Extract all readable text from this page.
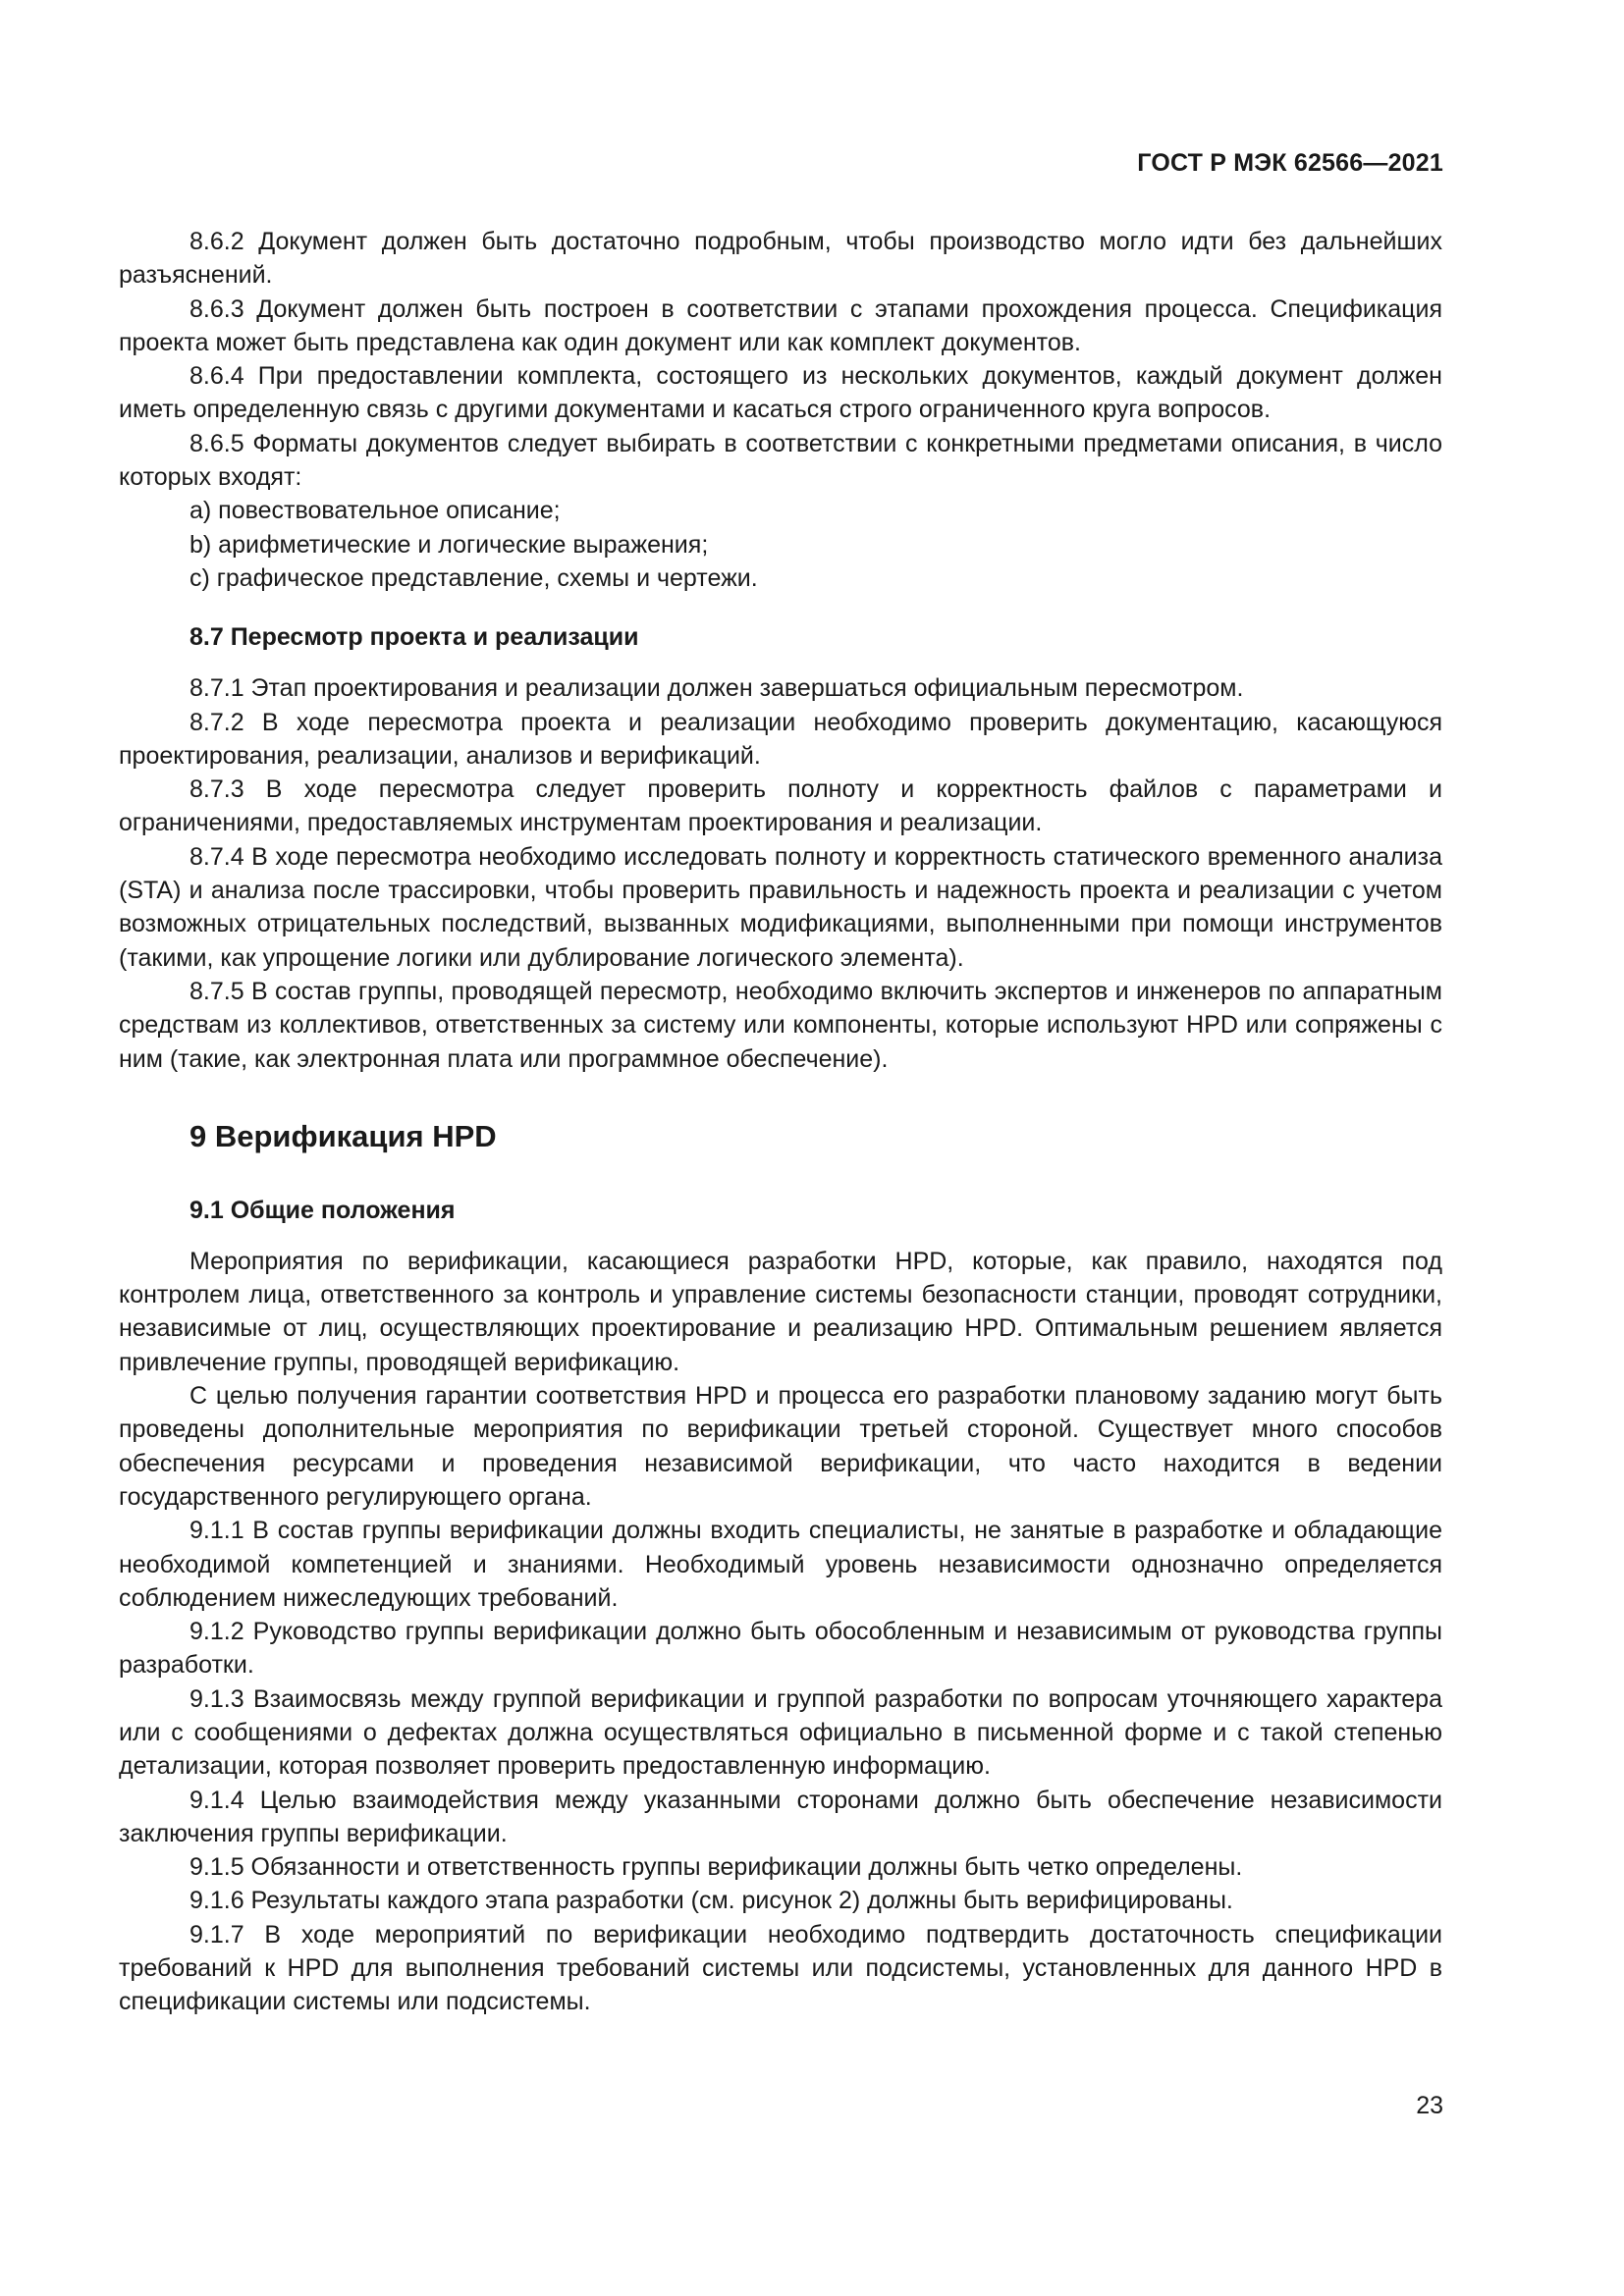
ГОСТ Р МЭК 62566—2021

8.6.2 Документ должен быть достаточно подробным, чтобы производство могло идти без дальнейших разъяснений.

8.6.3 Документ должен быть построен в соответствии с этапами прохождения процесса. Спецификация проекта может быть представлена как один документ или как комплект документов.

8.6.4 При предоставлении комплекта, состоящего из нескольких документов, каждый документ должен иметь определенную связь с другими документами и касаться строго ограниченного круга вопросов.

8.6.5 Форматы документов следует выбирать в соответствии с конкретными предметами описания, в число которых входят:

a) повествовательное описание;

b) арифметические и логические выражения;

c) графическое представление, схемы и чертежи.

8.7 Пересмотр проекта и реализации

8.7.1 Этап проектирования и реализации должен завершаться официальным пересмотром.

8.7.2 В ходе пересмотра проекта и реализации необходимо проверить документацию, касающуюся проектирования, реализации, анализов и верификаций.

8.7.3 В ходе пересмотра следует проверить полноту и корректность файлов с параметрами и ограничениями, предоставляемых инструментам проектирования и реализации.

8.7.4 В ходе пересмотра необходимо исследовать полноту и корректность статического временного анализа (STA) и анализа после трассировки, чтобы проверить правильность и надежность проекта и реализации с учетом возможных отрицательных последствий, вызванных модификациями, выполненными при помощи инструментов (такими, как упрощение логики или дублирование логического элемента).

8.7.5 В состав группы, проводящей пересмотр, необходимо включить экспертов и инженеров по аппаратным средствам из коллективов, ответственных за систему или компоненты, которые используют HPD или сопряжены с ним (такие, как электронная плата или программное обеспечение).

9 Верификация HPD
9.1 Общие положения

Мероприятия по верификации, касающиеся разработки HPD, которые, как правило, находятся под контролем лица, ответственного за контроль и управление системы безопасности станции, проводят сотрудники, независимые от лиц, осуществляющих проектирование и реализацию HPD. Оптимальным решением является привлечение группы, проводящей верификацию.

С целью получения гарантии соответствия HPD и процесса его разработки плановому заданию могут быть проведены дополнительные мероприятия по верификации третьей стороной. Существует много способов обеспечения ресурсами и проведения независимой верификации, что часто находится в ведении государственного регулирующего органа.

9.1.1 В состав группы верификации должны входить специалисты, не занятые в разработке и обладающие необходимой компетенцией и знаниями. Необходимый уровень независимости однозначно определяется соблюдением нижеследующих требований.

9.1.2 Руководство группы верификации должно быть обособленным и независимым от руководства группы разработки.

9.1.3 Взаимосвязь между группой верификации и группой разработки по вопросам уточняющего характера или с сообщениями о дефектах должна осуществляться официально в письменной форме и с такой степенью детализации, которая позволяет проверить предоставленную информацию.

9.1.4 Целью взаимодействия между указанными сторонами должно быть обеспечение независимости заключения группы верификации.

9.1.5 Обязанности и ответственность группы верификации должны быть четко определены.

9.1.6 Результаты каждого этапа разработки (см. рисунок 2) должны быть верифицированы.

9.1.7 В ходе мероприятий по верификации необходимо подтвердить достаточность спецификации требований к HPD для выполнения требований системы или подсистемы, установленных для данного HPD в спецификации системы или подсистемы.

23
